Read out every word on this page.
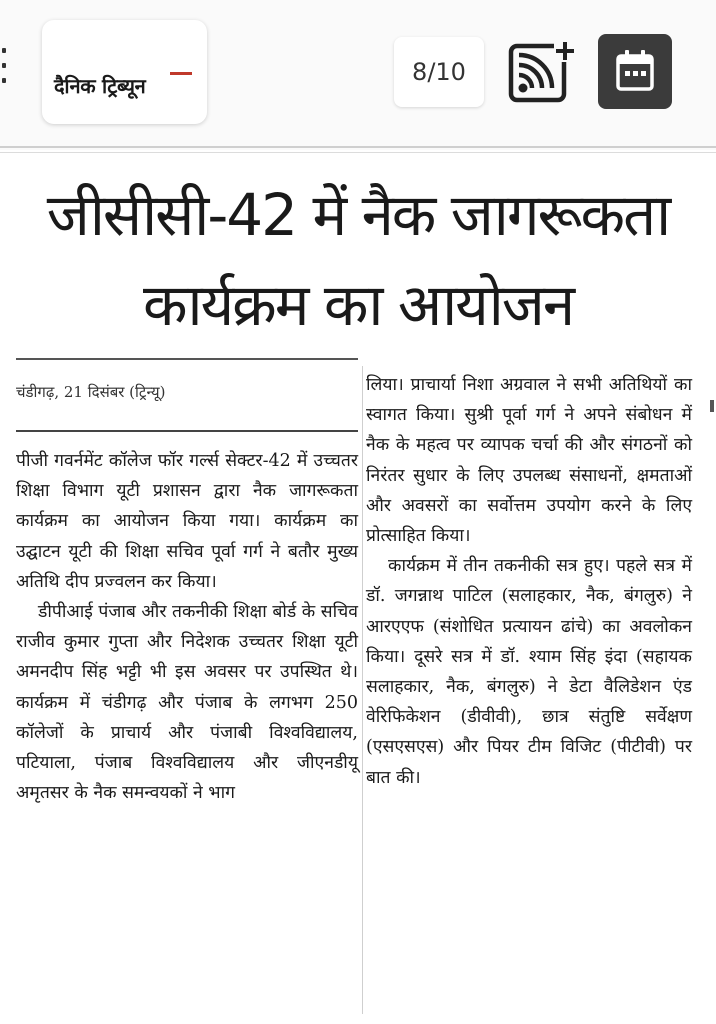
दैनिक ट्रिब्यून	8/10
जीसीसी-42 में नैक जागरूकता
कार्यक्रम का आयोजन
चंडीगढ़, 21 दिसंबर (ट्रिन्यू)

पीजी गवर्नमेंट कॉलेज फॉर गर्ल्स सेक्टर-42 में उच्चतर शिक्षा विभाग यूटी प्रशासन द्वारा नैक जागरूकता कार्यक्रम का आयोजन किया गया। कार्यक्रम का उद्घाटन यूटी की शिक्षा सचिव पूर्वा गर्ग ने बतौर मुख्य अतिथि दीप प्रज्वलन कर किया।

डीपीआई पंजाब और तकनीकी शिक्षा बोर्ड के सचिव राजीव कुमार गुप्ता और निदेशक उच्चतर शिक्षा यूटी अमनदीप सिंह भट्टी भी इस अवसर पर उपस्थित थे। कार्यक्रम में चंडीगढ़ और पंजाब के लगभग 250 कॉलेजों के प्राचार्य और पंजाबी विश्वविद्यालय, पटियाला, पंजाब विश्वविद्यालय और जीएनडीयू अमृतसर के नैक समन्वयकों ने भाग

लिया। प्राचार्या निशा अग्रवाल ने सभी अतिथियों का स्वागत किया। सुश्री पूर्वा गर्ग ने अपने संबोधन में नैक के महत्व पर व्यापक चर्चा की और संगठनों को निरंतर सुधार के लिए उपलब्ध संसाधनों, क्षमताओं और अवसरों का सर्वोत्तम उपयोग करने के लिए प्रोत्साहित किया।

कार्यक्रम में तीन तकनीकी सत्र हुए। पहले सत्र में डॉ. जगन्नाथ पाटिल (सलाहकार, नैक, बंगलुरु) ने आरएएफ (संशोधित प्रत्यायन ढांचे) का अवलोकन किया। दूसरे सत्र में डॉ. श्याम सिंह इंदा (सहायक सलाहकार, नैक, बंगलुरु) ने डेटा वैलिडेशन एंड वेरिफिकेशन (डीवीवी), छात्र संतुष्टि सर्वेक्षण (एसएसएस) और पियर टीम विजिट (पीटीवी) पर बात की।
